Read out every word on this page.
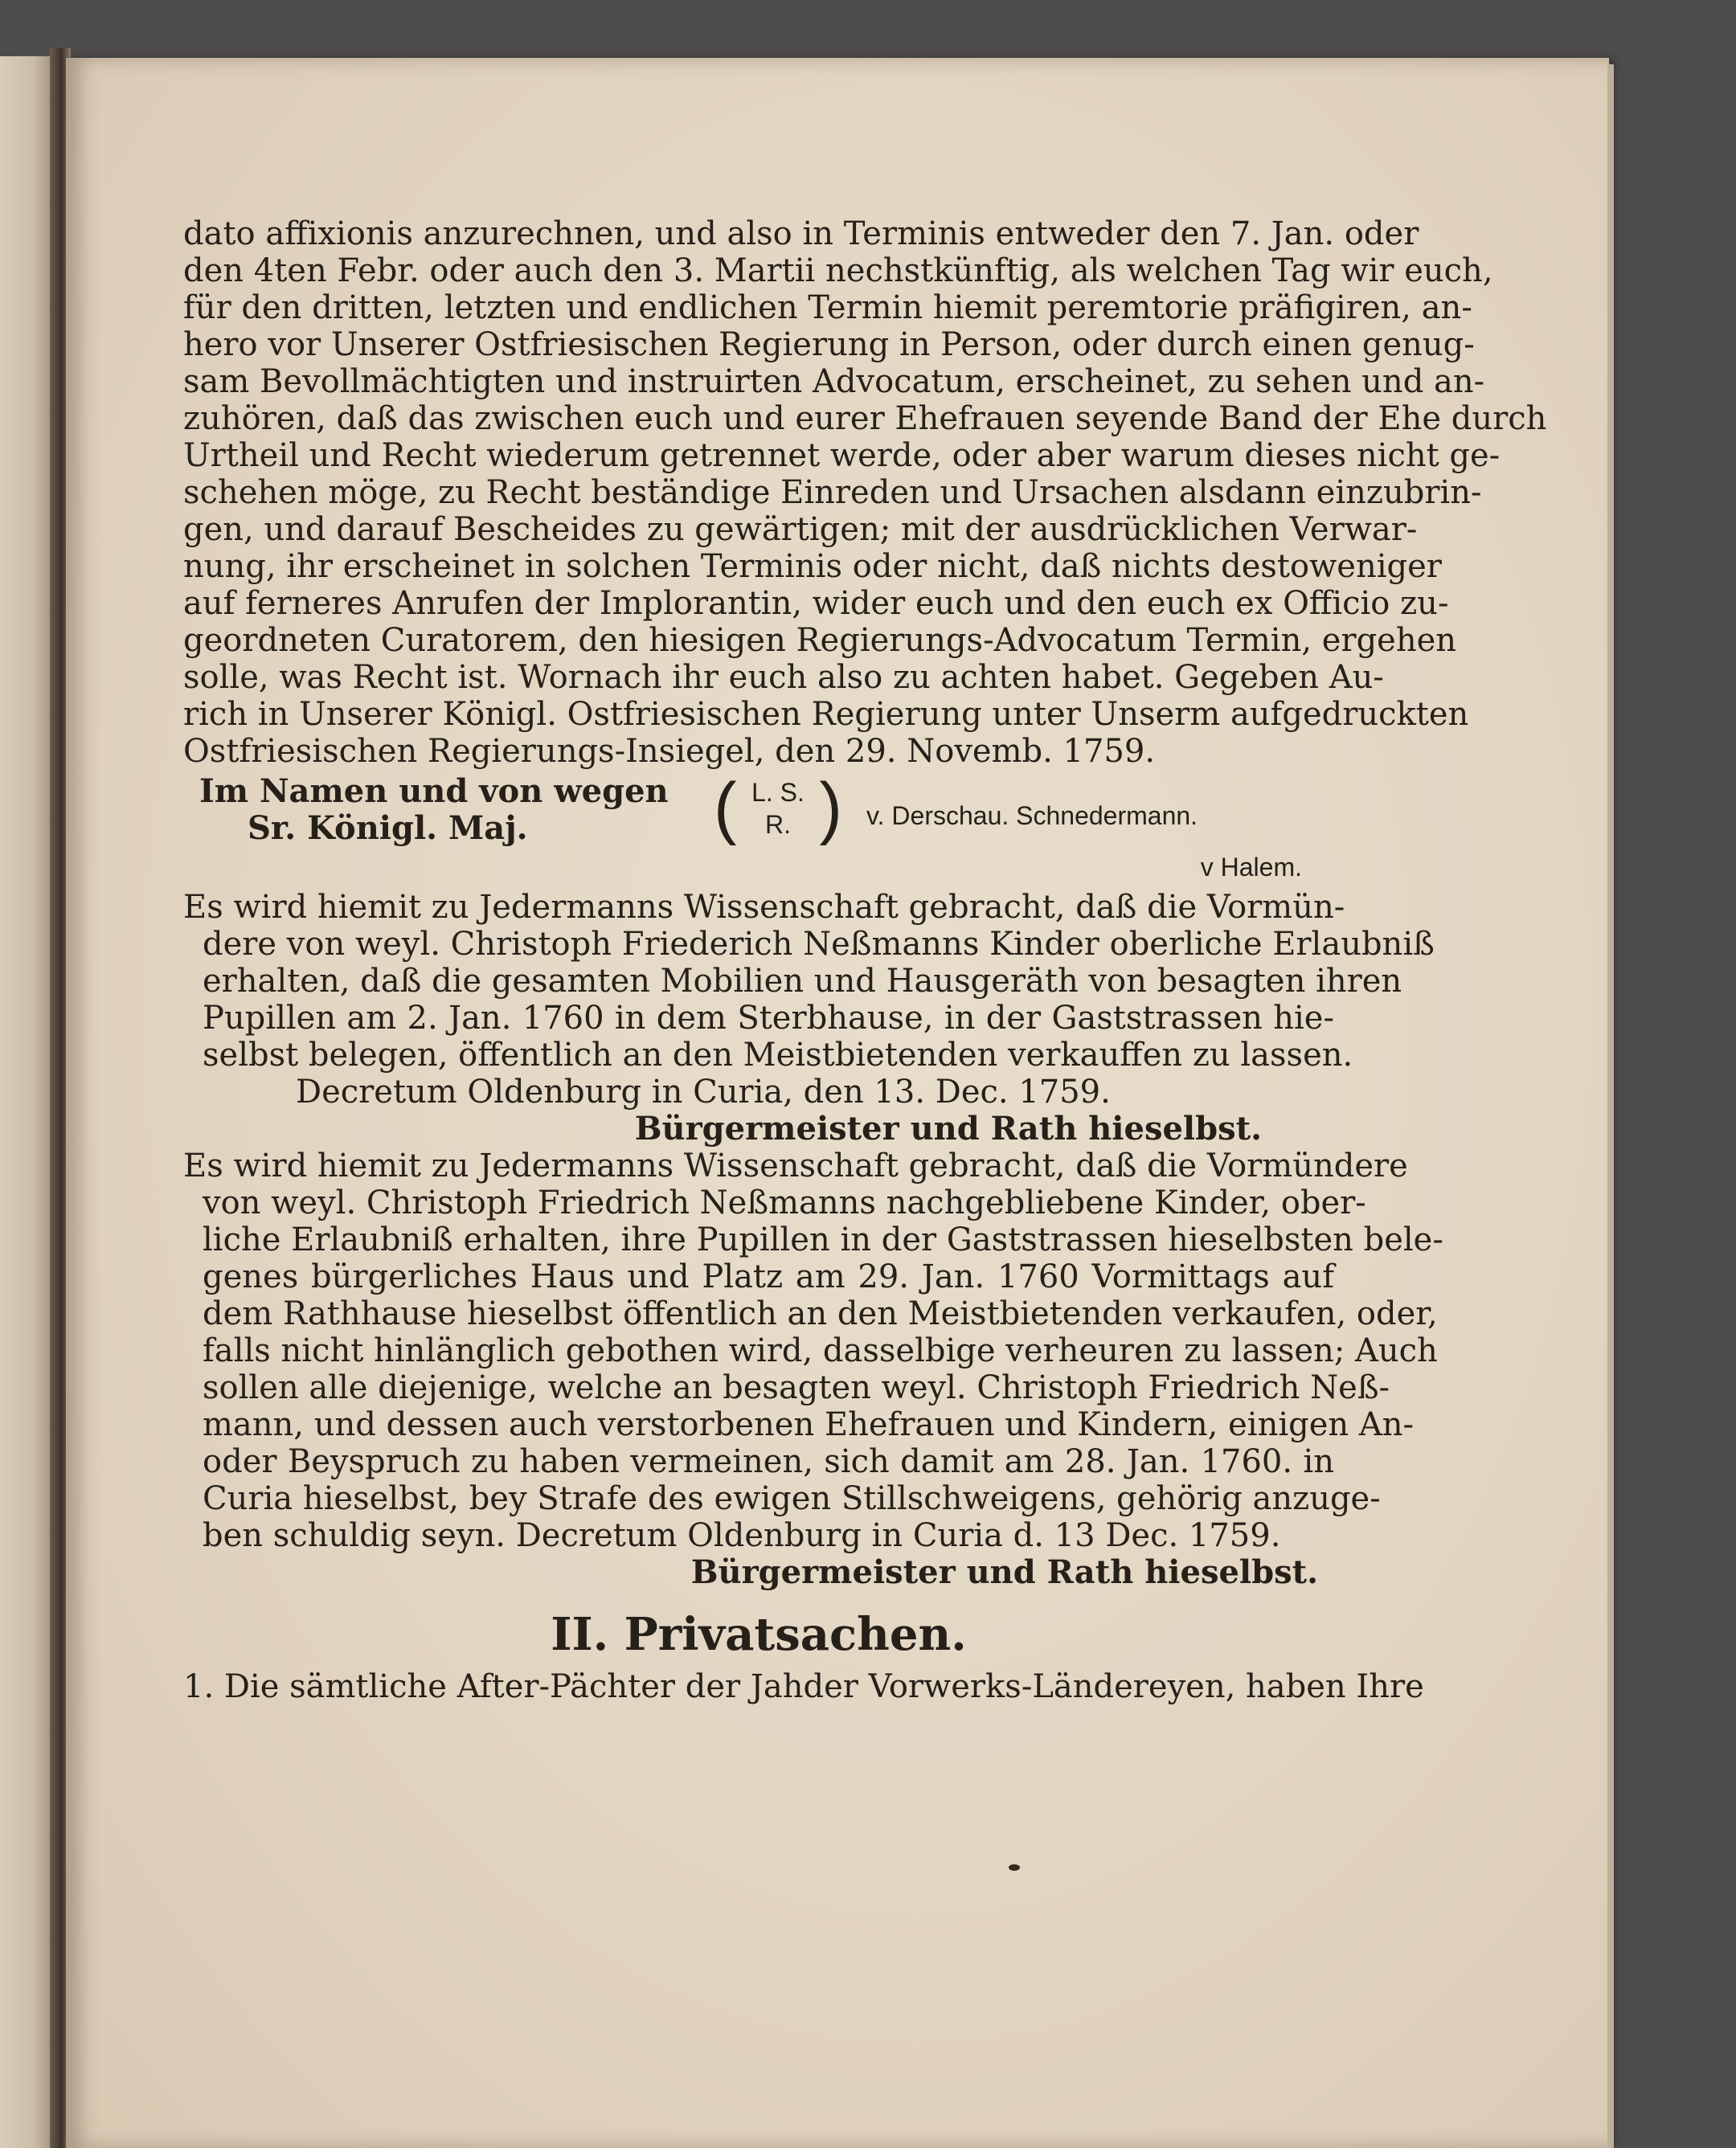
dato affixionis anzurechnen, und also in Terminis entweder den 7. Jan. oder
den 4ten Febr. oder auch den 3. Martii nechstkünftig, als welchen Tag wir euch,
für den dritten, letzten und endlichen Termin hiemit peremtorie präfigiren, an-
hero vor Unserer Ostfriesischen Regierung in Person, oder durch einen genug-
sam Bevollmächtigten und instruirten Advocatum, erscheinet, zu sehen und an-
zuhören, daß das zwischen euch und eurer Ehefrauen seyende Band der Ehe durch
Urtheil und Recht wiederum getrennet werde, oder aber warum dieses nicht ge-
schehen möge, zu Recht beständige Einreden und Ursachen alsdann einzubrin-
gen, und darauf Bescheides zu gewärtigen; mit der ausdrücklichen Verwar-
nung, ihr erscheinet in solchen Terminis oder nicht, daß nichts destoweniger
auf ferneres Anrufen der Implorantin, wider euch und den euch ex Officio zu-
geordneten Curatorem, den hiesigen Regierungs-Advocatum Termin, ergehen
solle, was Recht ist. Wornach ihr euch also zu achten habet. Gegeben Au-
rich in Unserer Königl. Ostfriesischen Regierung unter Unserm aufgedruckten
Ostfriesischen Regierungs-Insiegel, den 29. Novemb. 1759.
Im Namen und von wegen
Sr. Königl. Maj.	( L. S.
R. ) v. Derschau. Schnedermann.
v Halem.
Es wird hiemit zu Jedermanns Wissenschaft gebracht, daß die Vormün-
dere von weyl. Christoph Friederich Neßmanns Kinder oberliche Erlaubniß
erhalten, daß die gesamten Mobilien und Hausgeräth von besagten ihren
Pupillen am 2. Jan. 1760 in dem Sterbhause, in der Gaststrassen hie-
selbst belegen, öffentlich an den Meistbietenden verkauffen zu lassen.
Decretum Oldenburg in Curia, den 13. Dec. 1759.
Bürgermeister und Rath hieselbst.
Es wird hiemit zu Jedermanns Wissenschaft gebracht, daß die Vormündere
von weyl. Christoph Friedrich Neßmanns nachgebliebene Kinder, ober-
liche Erlaubniß erhalten, ihre Pupillen in der Gaststrassen hieselbsten bele-
genes bürgerliches Haus und Platz am 29. Jan. 1760 Vormittags auf
dem Rathhause hieselbst öffentlich an den Meistbietenden verkaufen, oder,
falls nicht hinlänglich gebothen wird, dasselbige verheuren zu lassen; Auch
sollen alle diejenige, welche an besagten weyl. Christoph Friedrich Neß-
mann, und dessen auch verstorbenen Ehefrauen und Kindern, einigen An-
oder Beyspruch zu haben vermeinen, sich damit am 28. Jan. 1760. in
Curia hieselbst, bey Strafe des ewigen Stillschweigens, gehörig anzuge-
ben schuldig seyn. Decretum Oldenburg in Curia d. 13 Dec. 1759.
Bürgermeister und Rath hieselbst.
II. Privatsachen.
1. Die sämtliche After-Pächter der Jahder Vorwerks-Ländereyen, haben Ihre
